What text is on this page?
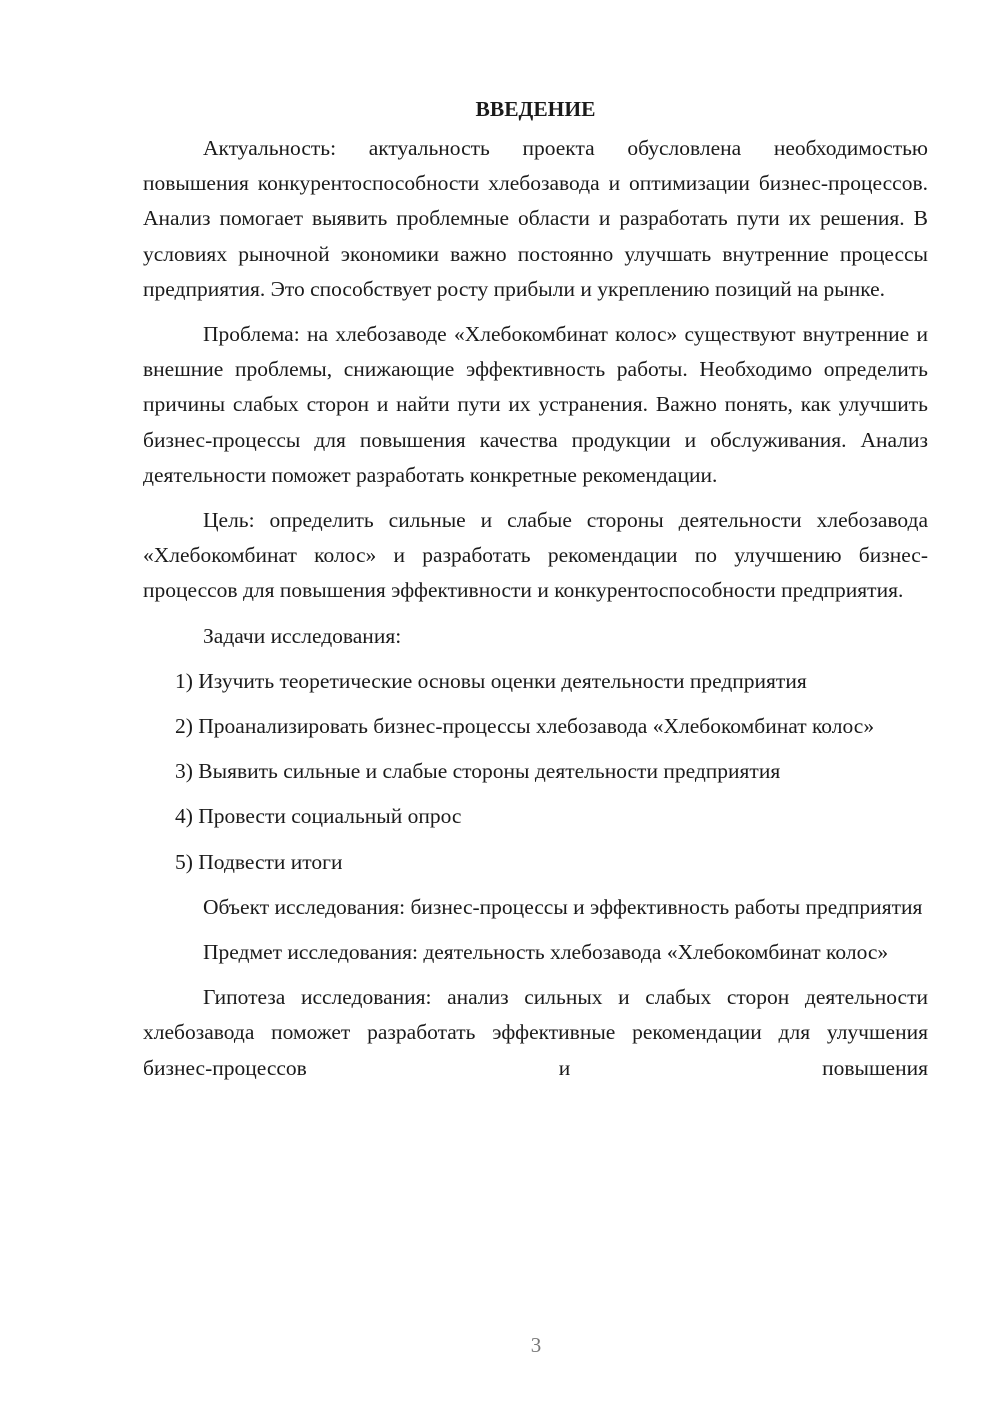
ВВЕДЕНИЕ

Актуальность: актуальность проекта обусловлена необходимостью повышения конкурентоспособности хлебозавода и оптимизации бизнес-процессов. Анализ помогает выявить проблемные области и разработать пути их решения. В условиях рыночной экономики важно постоянно улучшать внутренние процессы предприятия. Это способствует росту прибыли и укреплению позиций на рынке.

Проблема: на хлебозаводе «Хлебокомбинат колос» существуют внутренние и внешние проблемы, снижающие эффективность работы. Необходимо определить причины слабых сторон и найти пути их устранения. Важно понять, как улучшить бизнес-процессы для повышения качества продукции и обслуживания. Анализ деятельности поможет разработать конкретные рекомендации.

Цель: определить сильные и слабые стороны деятельности хлебозавода «Хлебокомбинат колос» и разработать рекомендации по улучшению бизнес-процессов для повышения эффективности и конкурентоспособности предприятия.

Задачи исследования:

1) Изучить теоретические основы оценки деятельности предприятия

2) Проанализировать бизнес-процессы хлебозавода «Хлебокомбинат колос»

3) Выявить сильные и слабые стороны деятельности предприятия

4) Провести социальный опрос

5) Подвести итоги

Объект исследования: бизнес-процессы и эффективность работы предприятия

Предмет исследования: деятельность хлебозавода «Хлебокомбинат колос»

Гипотеза исследования: анализ сильных и слабых сторон деятельности хлебозавода поможет разработать эффективные рекомендации для улучшения бизнес-процессов и повышения

3
